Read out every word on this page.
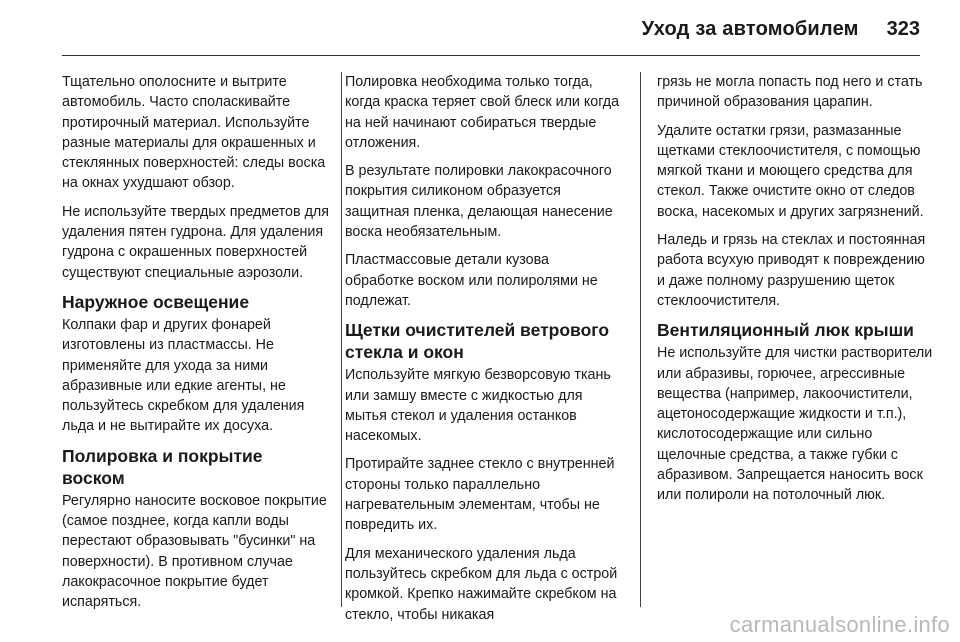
Уход за автомобилем 323

Тщательно ополосните и вытрите автомобиль. Часто споласкивайте протирочный материал. Используйте разные материалы для окрашенных и стеклянных поверхностей: следы воска на окнах ухудшают обзор.

Не используйте твердых предметов для удаления пятен гудрона. Для удаления гудрона с окрашенных поверхностей существуют специальные аэрозоли.

Наружное освещение

Колпаки фар и других фонарей изготовлены из пластмассы. Не применяйте для ухода за ними абразивные или едкие агенты, не пользуйтесь скребком для удаления льда и не вытирайте их досуха.

Полировка и покрытие воском

Регулярно наносите восковое покрытие (самое позднее, когда капли воды перестают образовывать "бусинки" на поверхности). В противном случае лакокрасочное покрытие будет испаряться.

Полировка необходима только тогда, когда краска теряет свой блеск или когда на ней начинают собираться твердые отложения.

В результате полировки лакокрасочного покрытия силиконом образуется защитная пленка, делающая нанесение воска необязательным.

Пластмассовые детали кузова обработке воском или полиролями не подлежат.

Щетки очистителей ветрового стекла и окон

Используйте мягкую безворсовую ткань или замшу вместе с жидкостью для мытья стекол и удаления останков насекомых.

Протирайте заднее стекло с внутренней стороны только параллельно нагревательным элементам, чтобы не повредить их.

Для механического удаления льда пользуйтесь скребком для льда с острой кромкой. Крепко нажимайте скребком на стекло, чтобы никакая

грязь не могла попасть под него и стать причиной образования царапин.

Удалите остатки грязи, размазанные щетками стеклоочистителя, с помощью мягкой ткани и моющего средства для стекол. Также очистите окно от следов воска, насекомых и других загрязнений.

Наледь и грязь на стеклах и постоянная работа всухую приводят к повреждению и даже полному разрушению щеток стеклоочистителя.

Вентиляционный люк крыши

Не используйте для чистки растворители или абразивы, горючее, агрессивные вещества (например, лакоочистители, ацетоносодержащие жидкости и т.п.), кислотосодержащие или сильно щелочные средства, а также губки с абразивом. Запрещается наносить воск или полироли на потолочный люк.

carmanualsonline.info
